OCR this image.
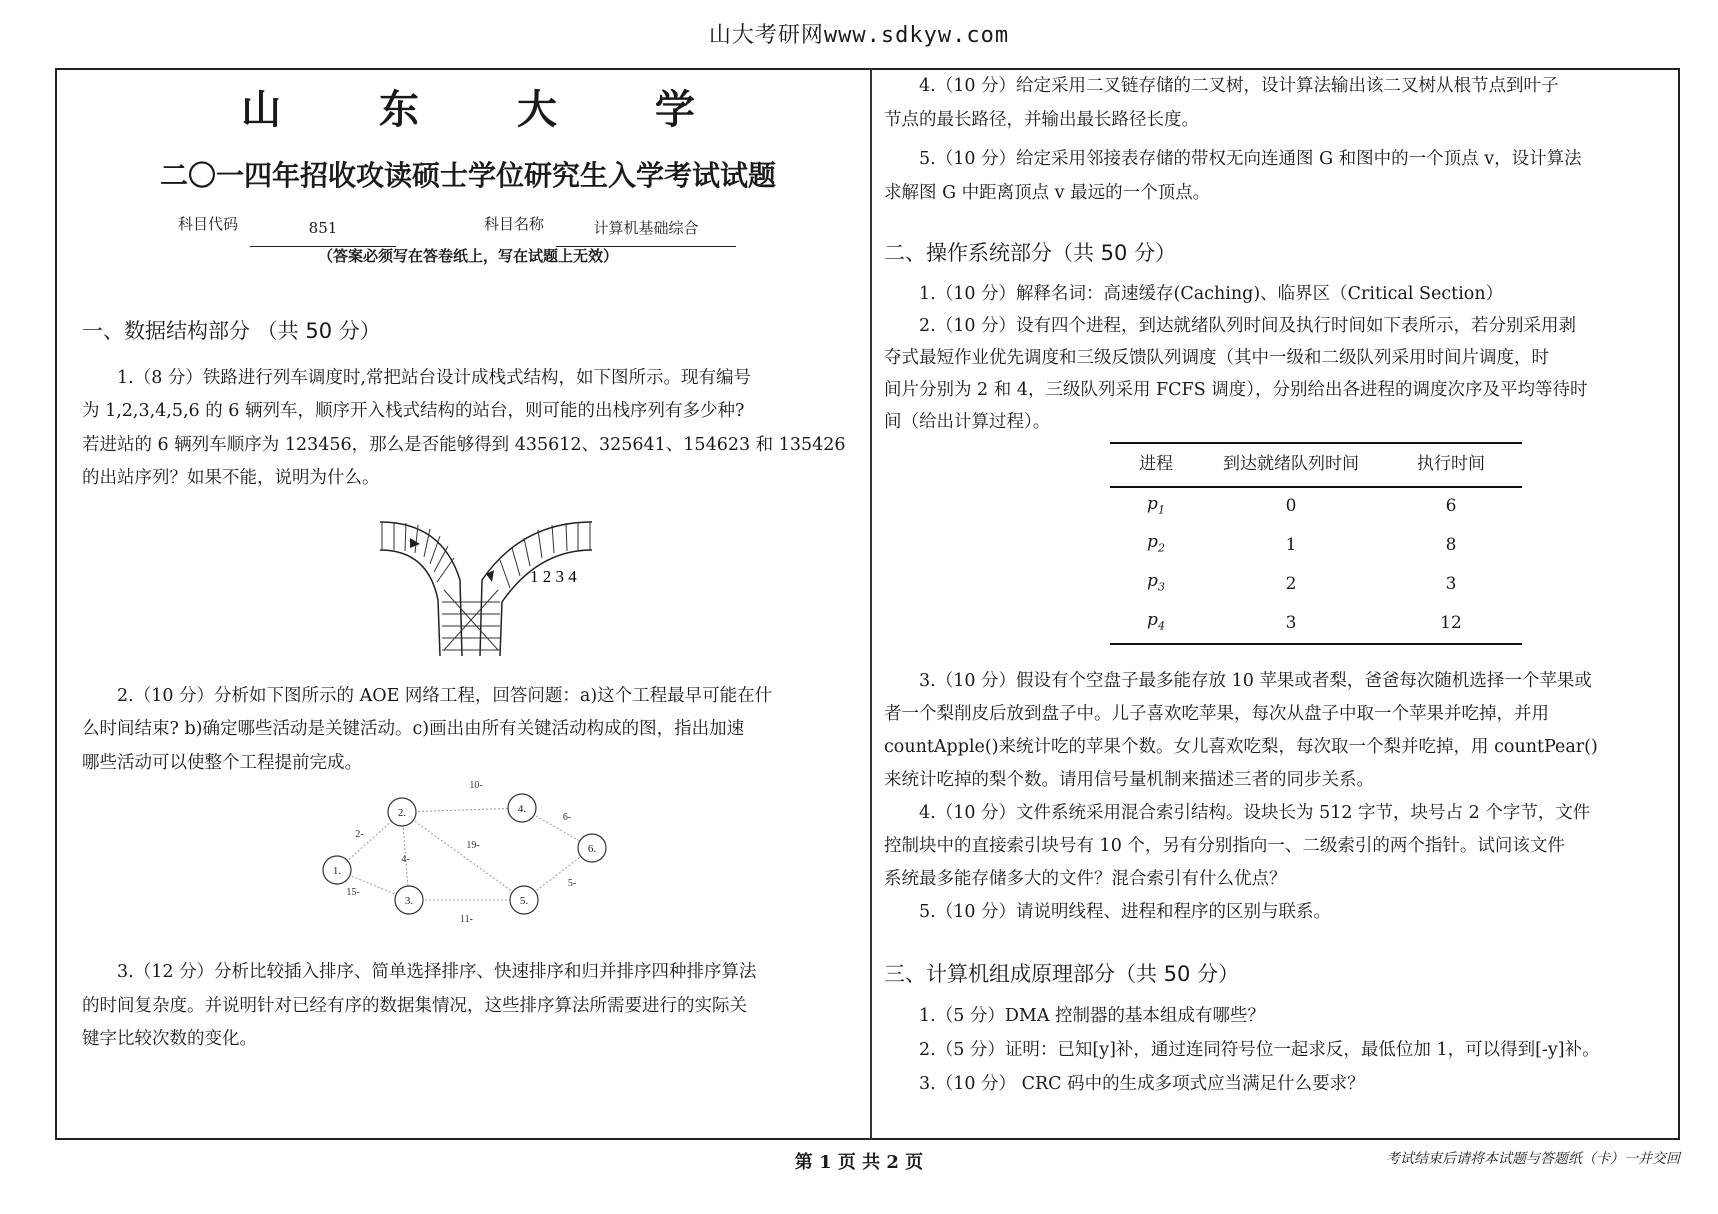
山大考研网www.sdkyw.com
山 东 大 学
二〇一四年招收攻读硕士学位研究生入学考试试题
科目代码	851	科目名称	计算机基础综合
（答案必须写在答卷纸上，写在试题上无效）
一、数据结构部分 （共 50 分）

1.（8 分）铁路进行列车调度时,常把站台设计成栈式结构，如下图所示。现有编号

为 1,2,3,4,5,6 的 6 辆列车，顺序开入栈式结构的站台，则可能的出栈序列有多少种?

若进站的 6 辆列车顺序为 123456，那么是否能够得到 435612、325641、154623 和 135426

的出站序列？如果不能，说明为什么。

1 2 3 4

2.（10 分）分析如下图所示的 AOE 网络工程，回答问题：a)这个工程最早可能在什

么时间结束? b)确定哪些活动是关键活动。c)画出由所有关键活动构成的图，指出加速

哪些活动可以使整个工程提前完成。

2-
15-
10-
4-
19-
11-
6-
5-
1.
2.
3.
4.
5.
6.

3.（12 分）分析比较插入排序、简单选择排序、快速排序和归并排序四种排序算法

的时间复杂度。并说明针对已经有序的数据集情况，这些排序算法所需要进行的实际关

键字比较次数的变化。

4.（10 分）给定采用二叉链存储的二叉树，设计算法输出该二叉树从根节点到叶子

节点的最长路径，并输出最长路径长度。

5.（10 分）给定采用邻接表存储的带权无向连通图 G 和图中的一个顶点 v，设计算法

求解图 G 中距离顶点 v 最远的一个顶点。

二、操作系统部分（共 50 分）

1.（10 分）解释名词：高速缓存(Caching)、临界区（Critical Section）

2.（10 分）设有四个进程，到达就绪队列时间及执行时间如下表所示，若分别采用剥

夺式最短作业优先调度和三级反馈队列调度（其中一级和二级队列采用时间片调度，时

间片分别为 2 和 4，三级队列采用 FCFS 调度），分别给出各进程的调度次序及平均等待时

间（给出计算过程）。

进程	到达就绪队列时间	执行时间
$p_1$	0	6
$p_2$	1	8
$p_3$	2	3
$p_4$	3	12

3.（10 分）假设有个空盘子最多能存放 10 苹果或者梨，爸爸每次随机选择一个苹果或

者一个梨削皮后放到盘子中。儿子喜欢吃苹果，每次从盘子中取一个苹果并吃掉，并用

countApple()来统计吃的苹果个数。女儿喜欢吃梨，每次取一个梨并吃掉，用 countPear()

来统计吃掉的梨个数。请用信号量机制来描述三者的同步关系。

4.（10 分）文件系统采用混合索引结构。设块长为 512 字节，块号占 2 个字节，文件

控制块中的直接索引块号有 10 个，另有分别指向一、二级索引的两个指针。试问该文件

系统最多能存储多大的文件？混合索引有什么优点？

5.（10 分）请说明线程、进程和程序的区别与联系。

三、计算机组成原理部分（共 50 分）

1.（5 分）DMA 控制器的基本组成有哪些？

2.（5 分）证明：已知[y]补，通过连同符号位一起求反，最低位加 1，可以得到[-y]补。

3.（10 分） CRC 码中的生成多项式应当满足什么要求？

第 1 页 共 2 页	考试结束后请将本试题与答题纸（卡）一并交回
